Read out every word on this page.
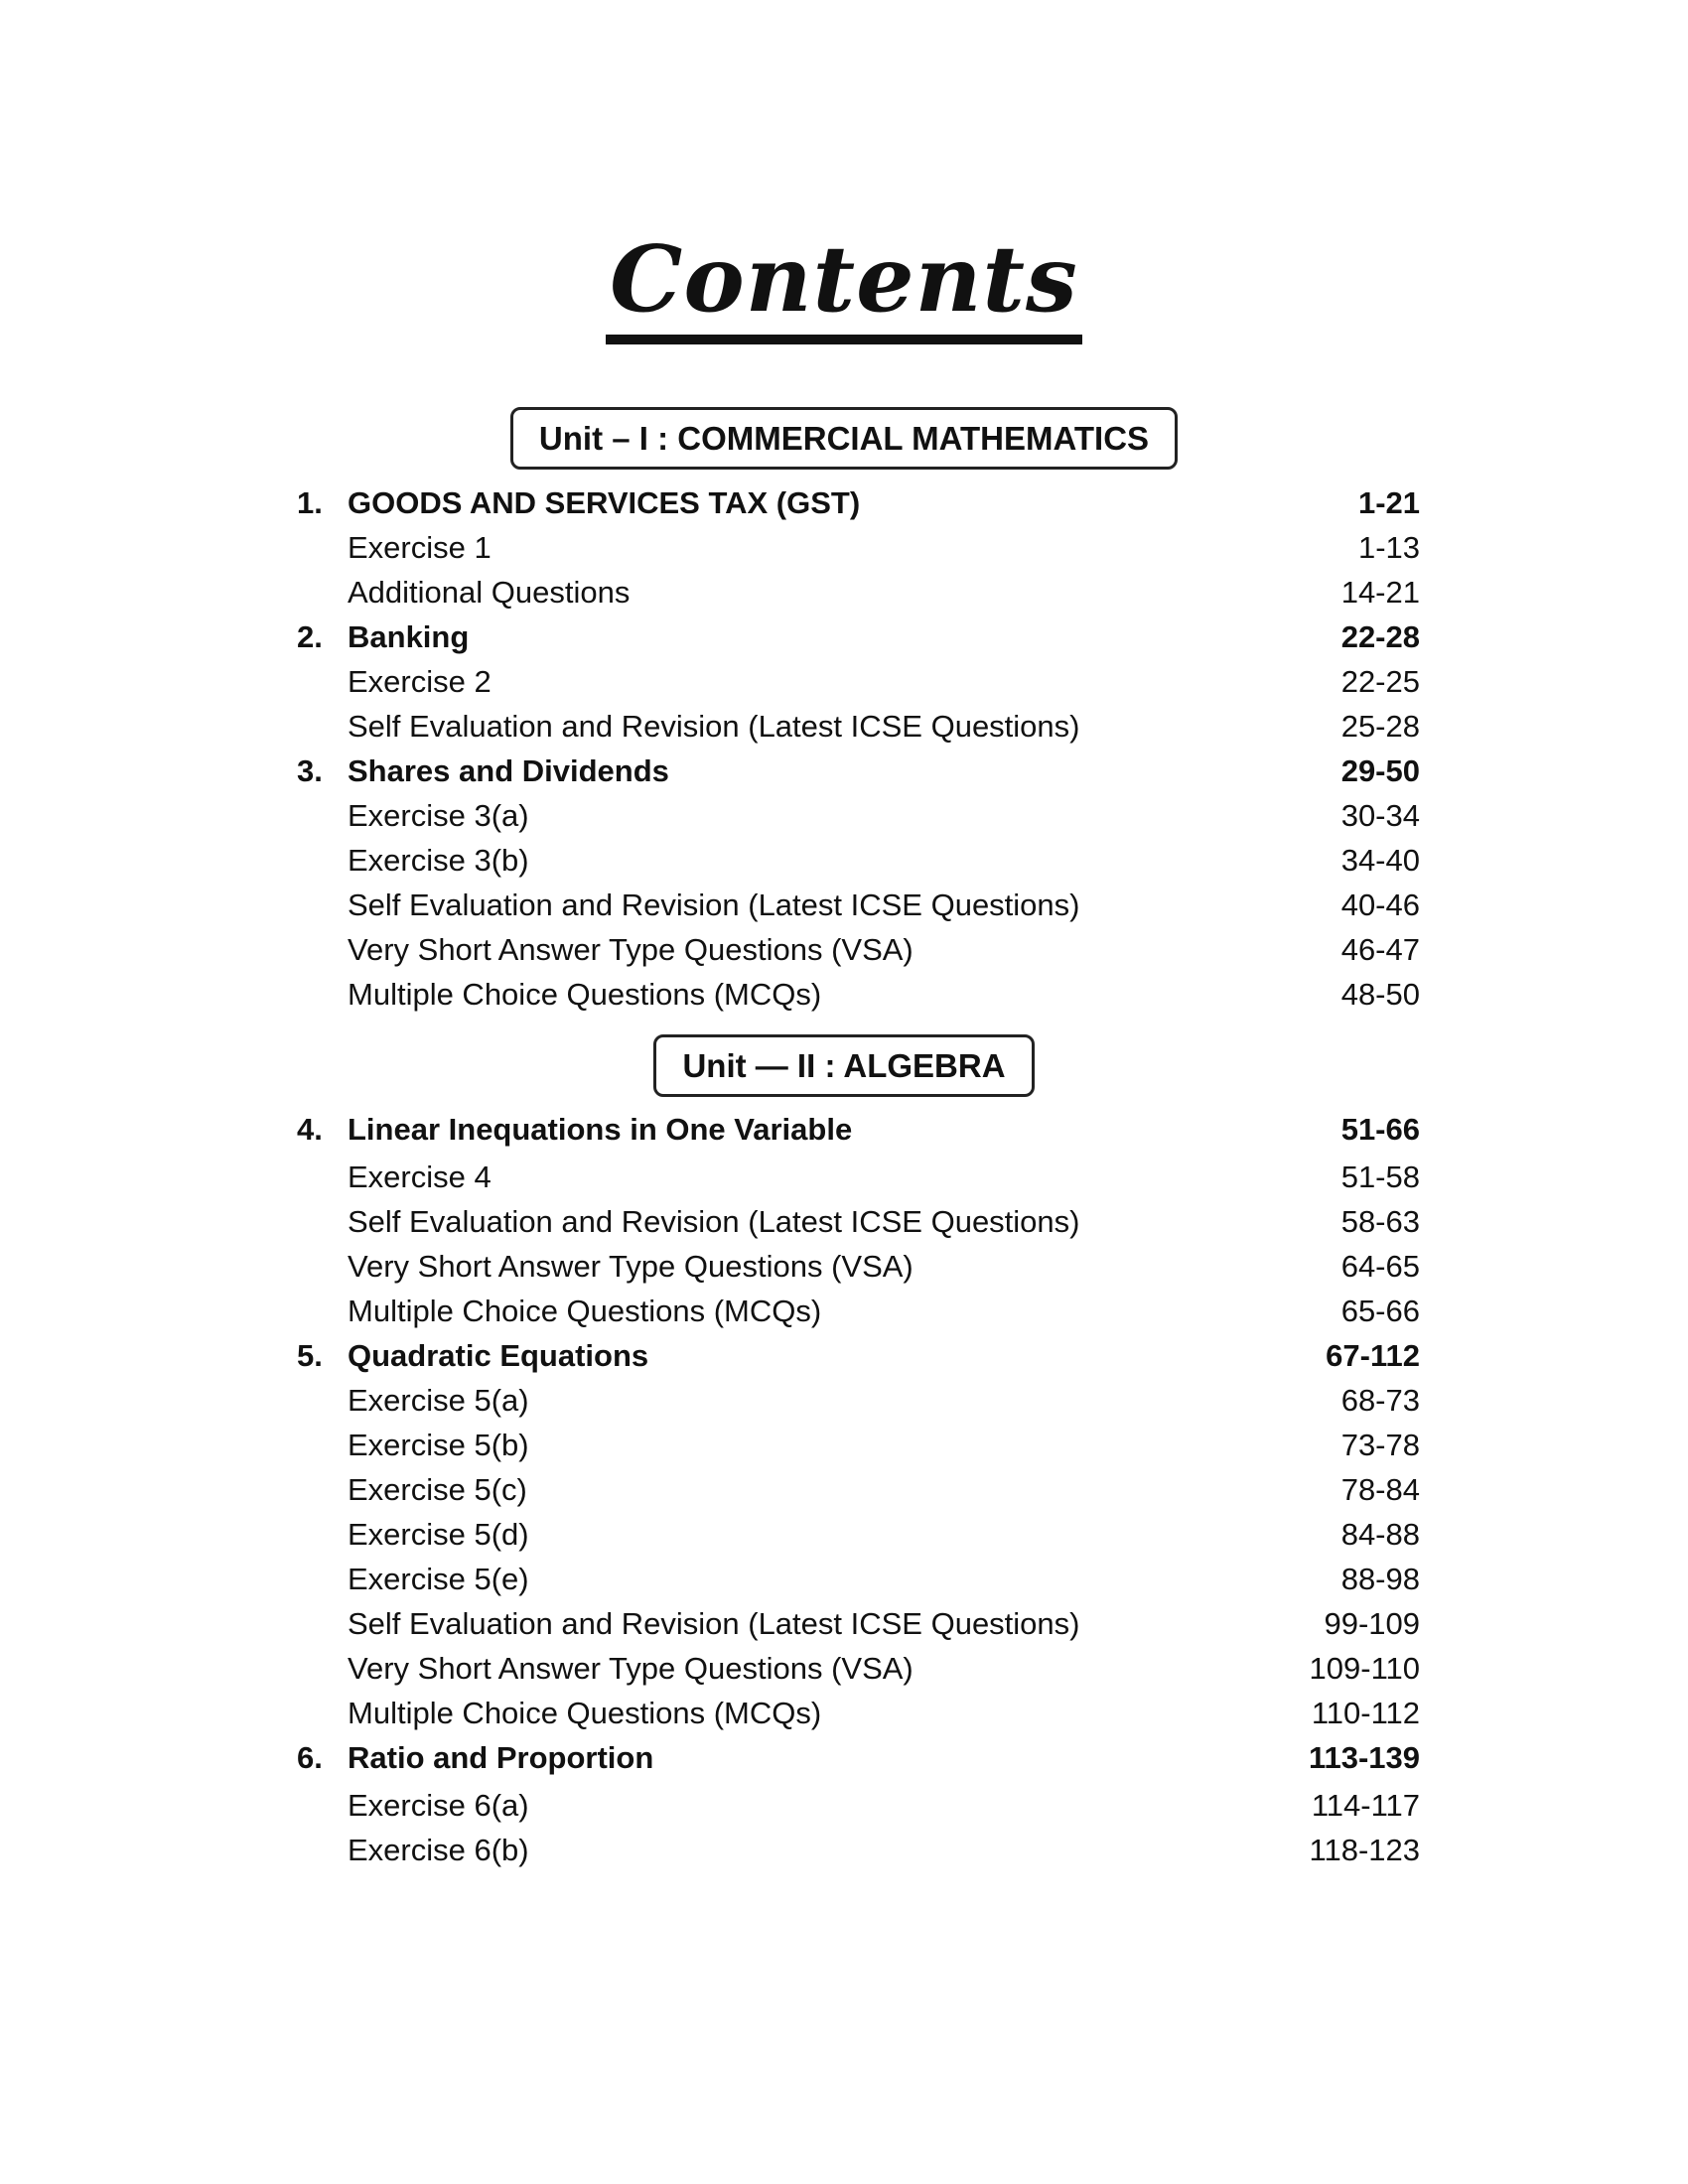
Contents
Unit – I : COMMERCIAL MATHEMATICS
1. GOODS AND SERVICES TAX (GST)	1-21
Exercise 1	1-13
Additional Questions	14-21
2. Banking	22-28
Exercise 2	22-25
Self Evaluation and Revision (Latest ICSE Questions)	25-28
3. Shares and Dividends	29-50
Exercise 3(a)	30-34
Exercise 3(b)	34-40
Self Evaluation and Revision (Latest ICSE Questions)	40-46
Very Short Answer Type Questions (VSA)	46-47
Multiple Choice Questions (MCQs)	48-50
Unit — II : ALGEBRA
4. Linear Inequations in One Variable	51-66
Exercise 4	51-58
Self Evaluation and Revision (Latest ICSE Questions)	58-63
Very Short Answer Type Questions (VSA)	64-65
Multiple Choice Questions (MCQs)	65-66
5. Quadratic Equations	67-112
Exercise 5(a)	68-73
Exercise 5(b)	73-78
Exercise 5(c)	78-84
Exercise 5(d)	84-88
Exercise 5(e)	88-98
Self Evaluation and Revision (Latest ICSE Questions)	99-109
Very Short Answer Type Questions (VSA)	109-110
Multiple Choice Questions (MCQs)	110-112
6. Ratio and Proportion	113-139
Exercise 6(a)	114-117
Exercise 6(b)	118-123
